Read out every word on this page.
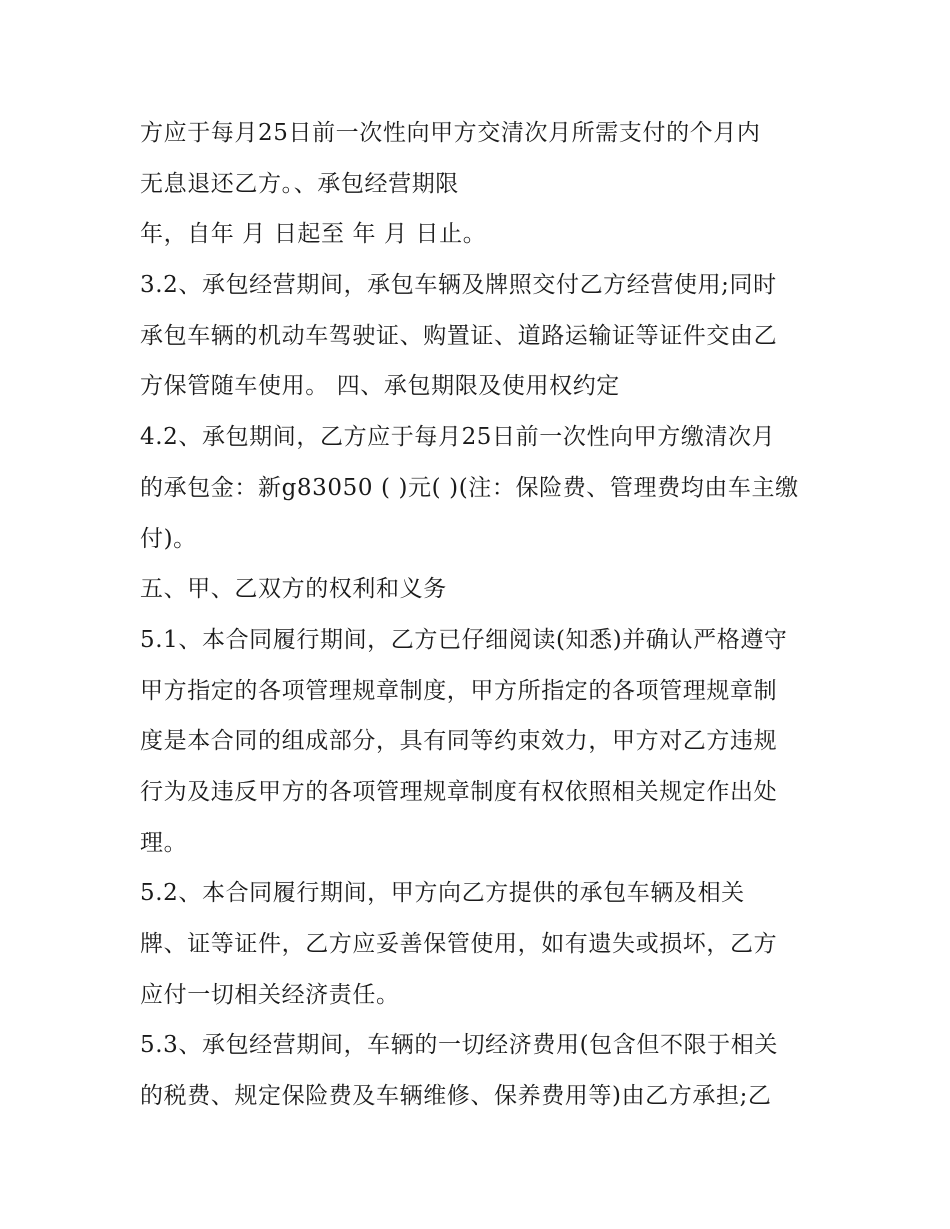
方应于每月25日前一次性向甲方交清次月所需支付的个月内
无息退还乙方。、承包经营期限
年，自年 月 日起至 年 月 日止。
3.2、承包经营期间，承包车辆及牌照交付乙方经营使用;同时
承包车辆的机动车驾驶证、购置证、道路运输证等证件交由乙
方保管随车使用。 四、承包期限及使用权约定
4.2、承包期间，乙方应于每月25日前一次性向甲方缴清次月
的承包金：新g83050 ( )元( )(注：保险费、管理费均由车主缴
付)。
五、甲、乙双方的权利和义务
5.1、本合同履行期间，乙方已仔细阅读(知悉)并确认严格遵守
甲方指定的各项管理规章制度，甲方所指定的各项管理规章制
度是本合同的组成部分，具有同等约束效力，甲方对乙方违规
行为及违反甲方的各项管理规章制度有权依照相关规定作出处
理。
5.2、本合同履行期间，甲方向乙方提供的承包车辆及相关
牌、证等证件，乙方应妥善保管使用，如有遗失或损坏，乙方
应付一切相关经济责任。
5.3、承包经营期间，车辆的一切经济费用(包含但不限于相关
的税费、规定保险费及车辆维修、保养费用等)由乙方承担;乙
